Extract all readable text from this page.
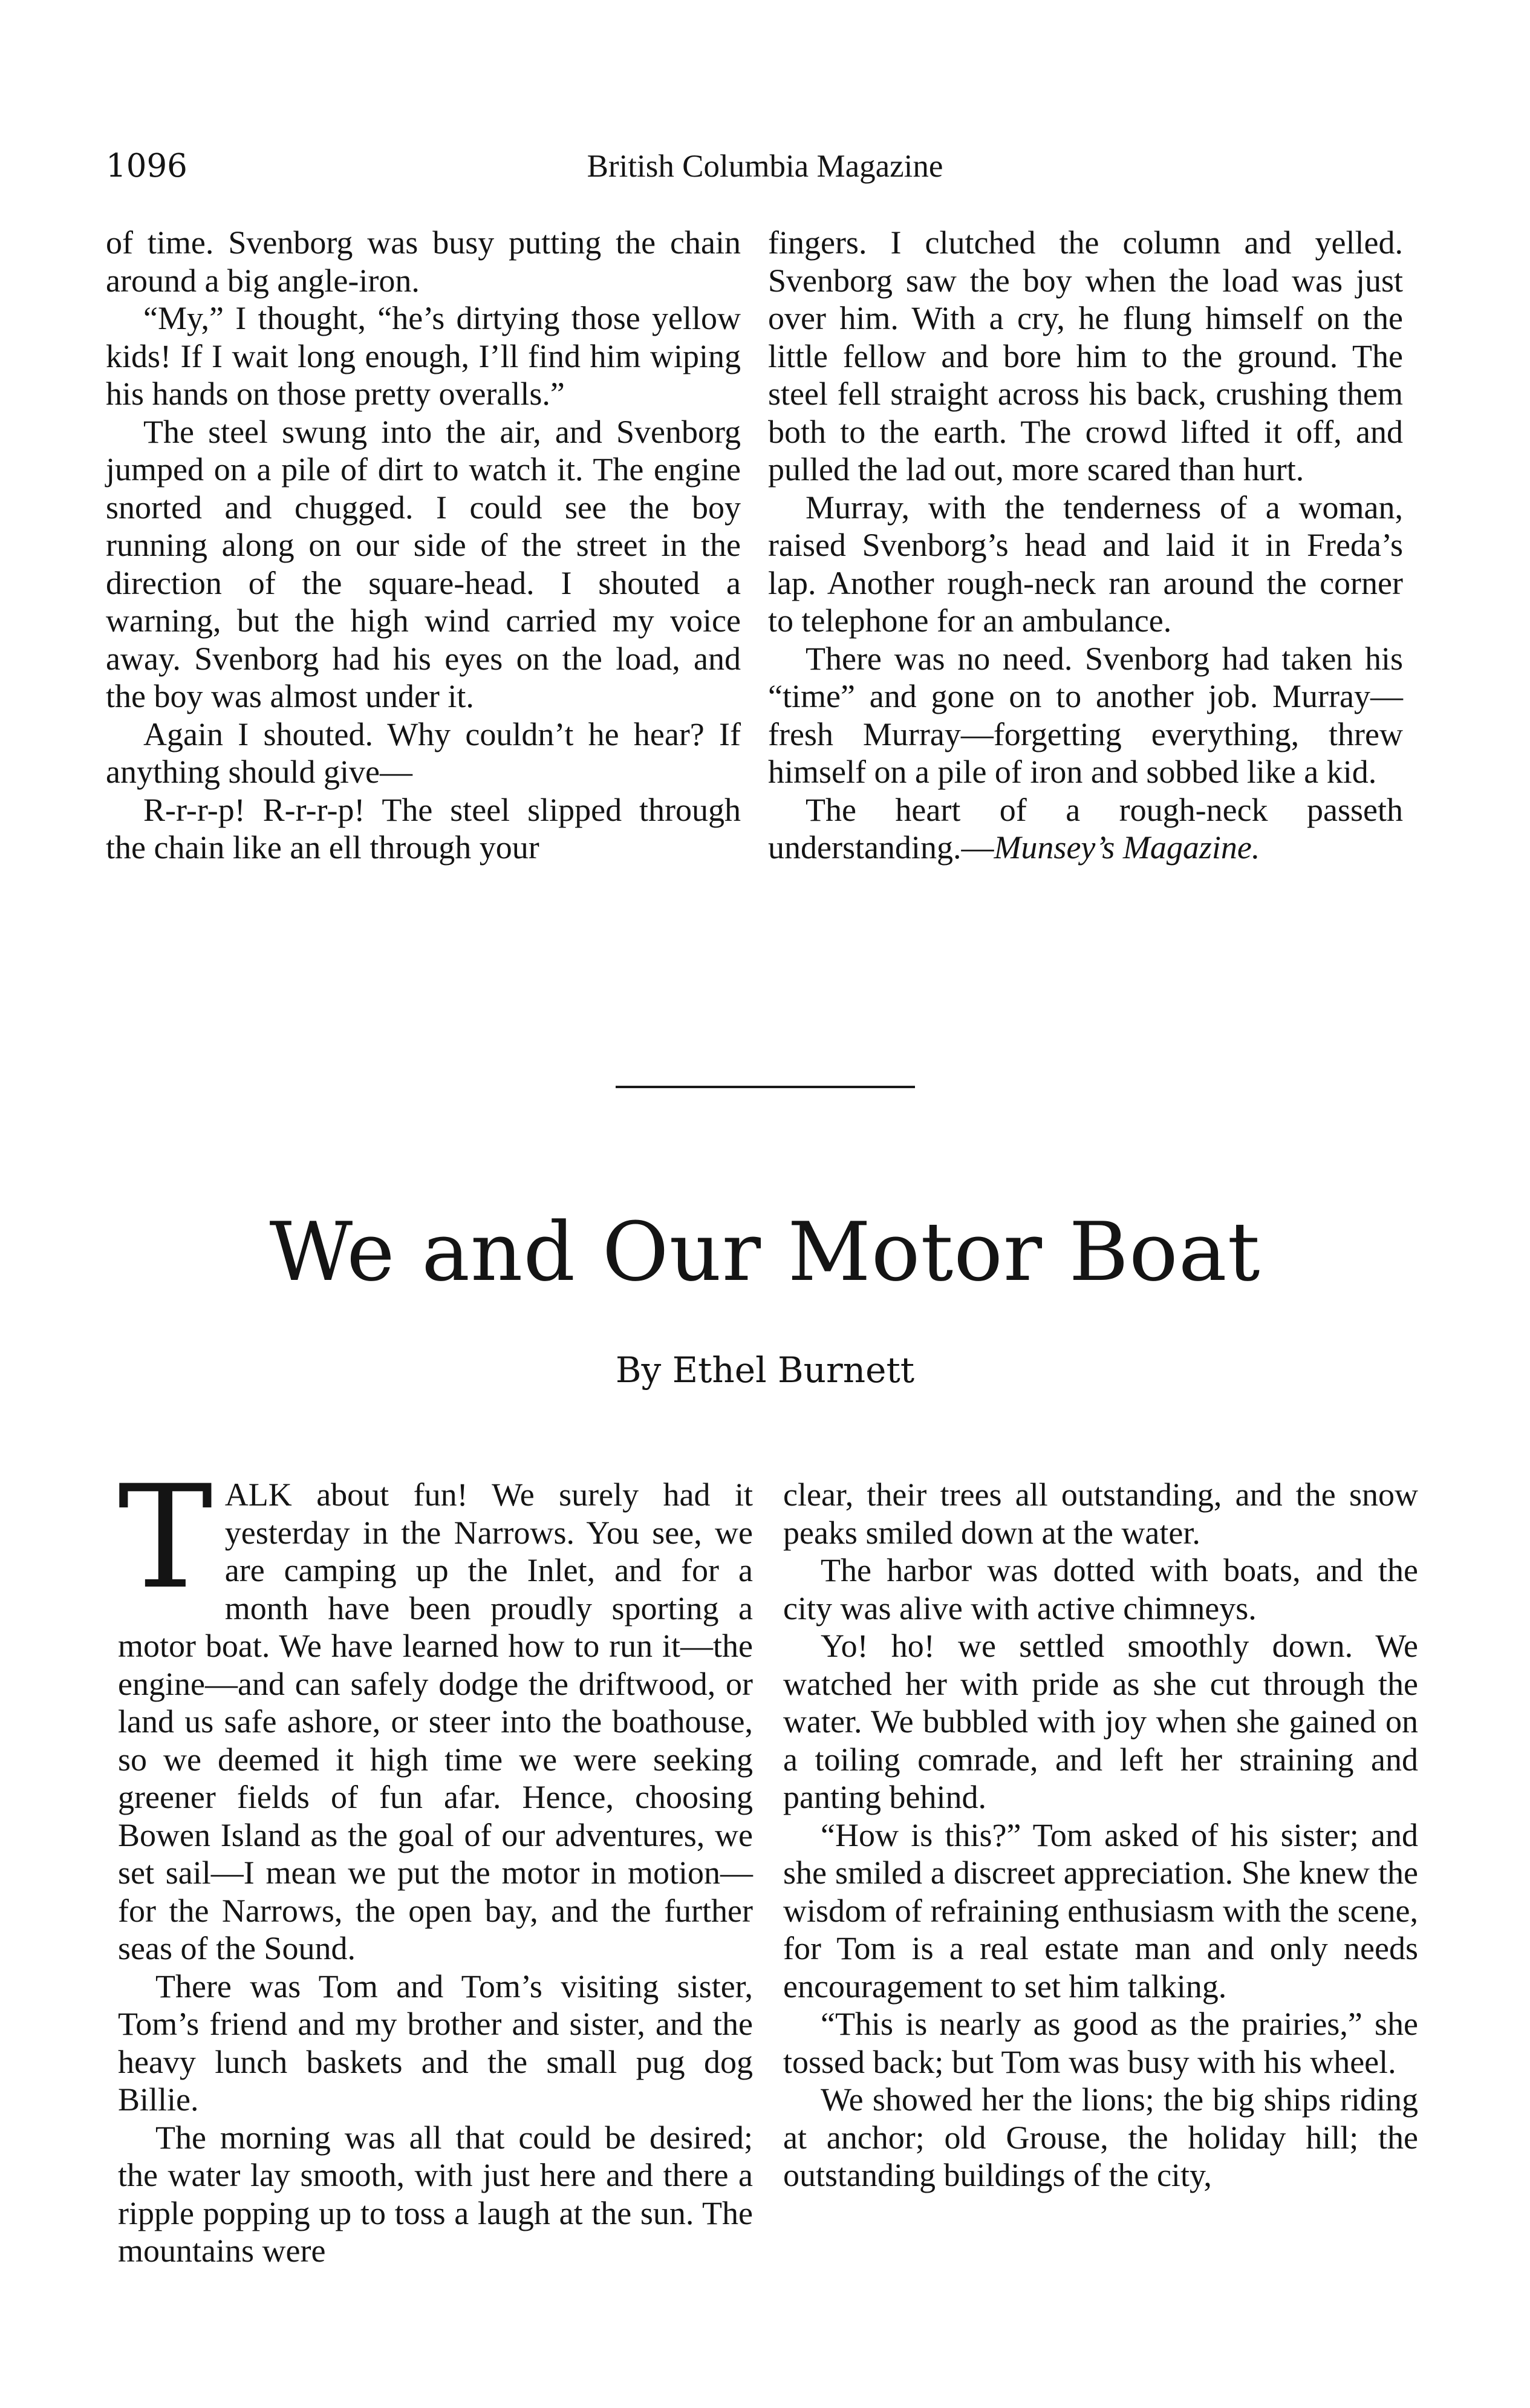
1096	British Columbia Magazine

of time. Svenborg was busy putting the chain around a big angle-iron.

“My,” I thought, “he’s dirtying those yellow kids! If I wait long enough, I’ll find him wiping his hands on those pretty overalls.”

The steel swung into the air, and Svenborg jumped on a pile of dirt to watch it. The engine snorted and chugged. I could see the boy running along on our side of the street in the direction of the square-head. I shouted a warning, but the high wind carried my voice away. Svenborg had his eyes on the load, and the boy was almost under it.

Again I shouted. Why couldn’t he hear? If anything should give—

R-r-r-p! R-r-r-p! The steel slipped through the chain like an ell through your

fingers. I clutched the column and yelled. Svenborg saw the boy when the load was just over him. With a cry, he flung himself on the little fellow and bore him to the ground. The steel fell straight across his back, crushing them both to the earth. The crowd lifted it off, and pulled the lad out, more scared than hurt.

Murray, with the tenderness of a woman, raised Svenborg’s head and laid it in Freda’s lap. Another rough-neck ran around the corner to telephone for an ambulance.

There was no need. Svenborg had taken his “time” and gone on to another job. Murray—fresh Murray—forgetting everything, threw himself on a pile of iron and sobbed like a kid.

The heart of a rough-neck passeth understanding.—Munsey’s Magazine.

We and Our Motor Boat
By Ethel Burnett

TALK about fun! We surely had it yesterday in the Narrows. You see, we are camping up the Inlet, and for a month have been proudly sporting a motor boat. We have learned how to run it—the engine—and can safely dodge the driftwood, or land us safe ashore, or steer into the boathouse, so we deemed it high time we were seeking greener fields of fun afar. Hence, choosing Bowen Island as the goal of our adventures, we set sail—I mean we put the motor in motion—for the Narrows, the open bay, and the further seas of the Sound.

There was Tom and Tom’s visiting sister, Tom’s friend and my brother and sister, and the heavy lunch baskets and the small pug dog Billie.

The morning was all that could be desired; the water lay smooth, with just here and there a ripple popping up to toss a laugh at the sun. The mountains were

clear, their trees all outstanding, and the snow peaks smiled down at the water.

The harbor was dotted with boats, and the city was alive with active chimneys.

Yo! ho! we settled smoothly down. We watched her with pride as she cut through the water. We bubbled with joy when she gained on a toiling comrade, and left her straining and panting behind.

“How is this?” Tom asked of his sister; and she smiled a discreet appreciation. She knew the wisdom of refraining enthusiasm with the scene, for Tom is a real estate man and only needs encouragement to set him talking.

“This is nearly as good as the prairies,” she tossed back; but Tom was busy with his wheel.

We showed her the lions; the big ships riding at anchor; old Grouse, the holiday hill; the outstanding buildings of the city,
